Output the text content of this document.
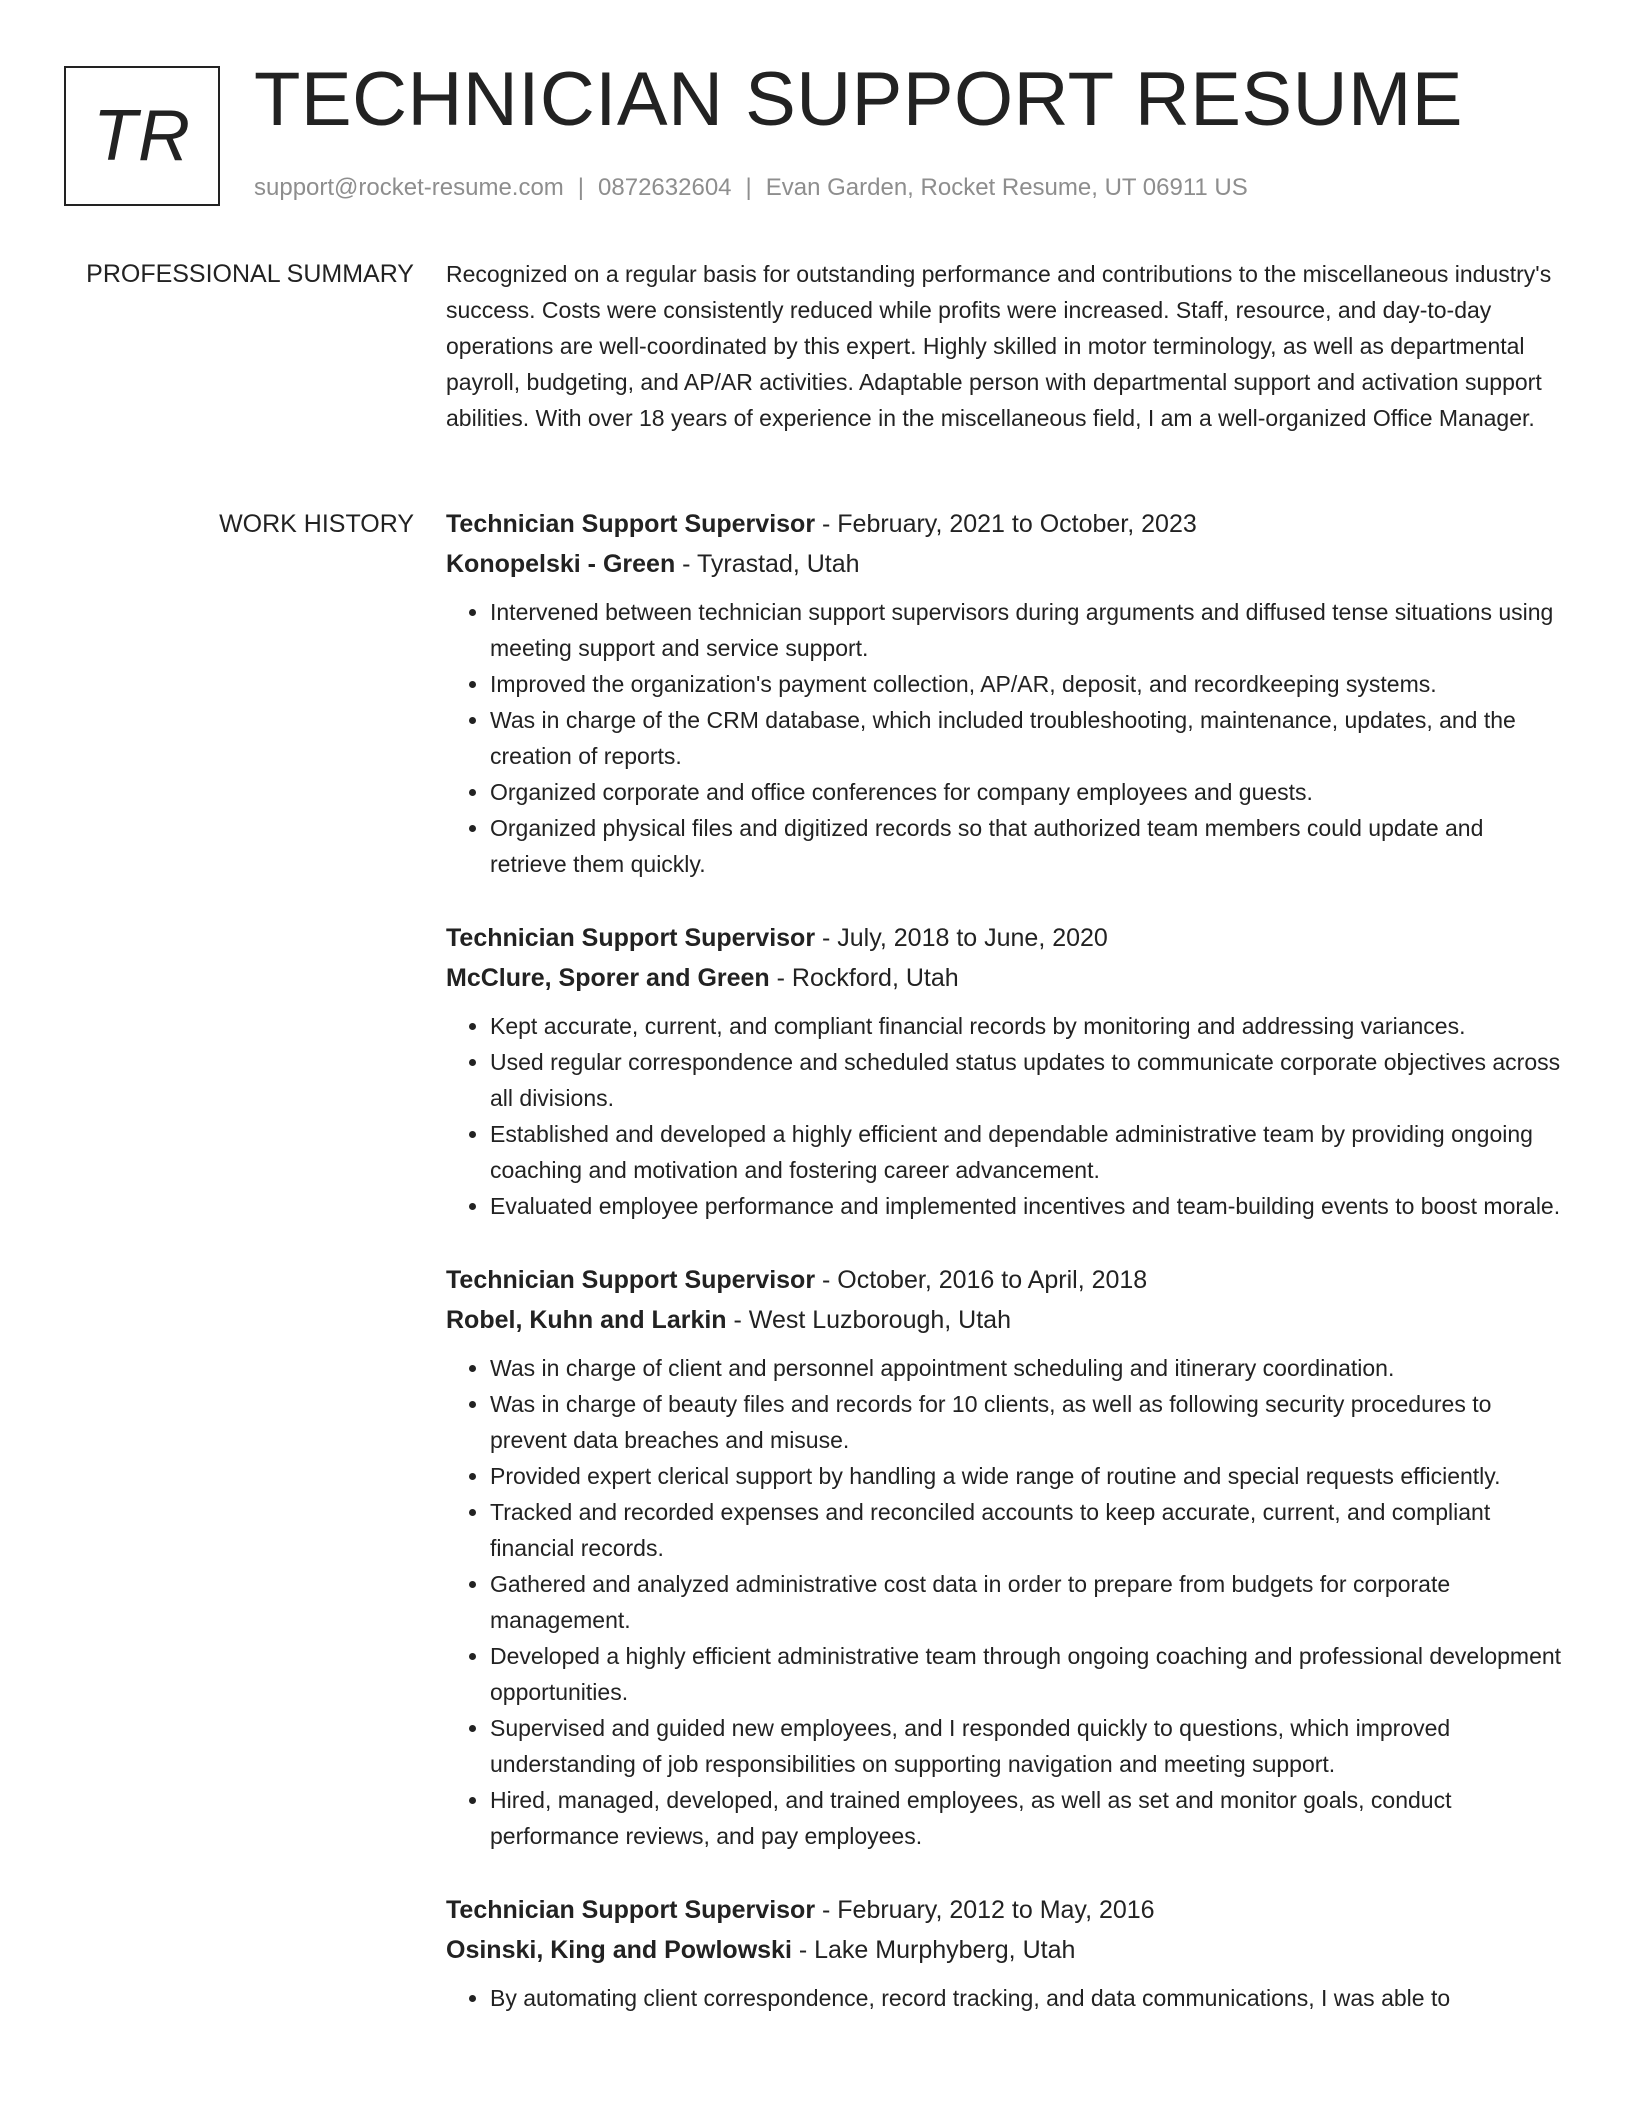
TR TECHNICIAN SUPPORT RESUME
support@rocket-resume.com | 0872632604 | Evan Garden, Rocket Resume, UT 06911 US
PROFESSIONAL SUMMARY Recognized on a regular basis for outstanding performance and contributions to the miscellaneous industry's success. Costs were consistently reduced while profits were increased. Staff, resource, and day-to-day operations are well-coordinated by this expert. Highly skilled in motor terminology, as well as departmental payroll, budgeting, and AP/AR activities. Adaptable person with departmental support and activation support abilities. With over 18 years of experience in the miscellaneous field, I am a well-organized Office Manager.

WORK HISTORY Technician Support Supervisor - February, 2021 to October, 2023
Konopelski - Green - Tyrastad, Utah
• Intervened between technician support supervisors during arguments and diffused tense situations using meeting support and service support.
• Improved the organization's payment collection, AP/AR, deposit, and recordkeeping systems.
• Was in charge of the CRM database, which included troubleshooting, maintenance, updates, and the creation of reports.
• Organized corporate and office conferences for company employees and guests.
• Organized physical files and digitized records so that authorized team members could update and retrieve them quickly.
Technician Support Supervisor - July, 2018 to June, 2020
McClure, Sporer and Green - Rockford, Utah
• Kept accurate, current, and compliant financial records by monitoring and addressing variances.
• Used regular correspondence and scheduled status updates to communicate corporate objectives across all divisions.
• Established and developed a highly efficient and dependable administrative team by providing ongoing coaching and motivation and fostering career advancement.
• Evaluated employee performance and implemented incentives and team-building events to boost morale.
Technician Support Supervisor - October, 2016 to April, 2018
Robel, Kuhn and Larkin - West Luzborough, Utah
• Was in charge of client and personnel appointment scheduling and itinerary coordination.
• Was in charge of beauty files and records for 10 clients, as well as following security procedures to prevent data breaches and misuse.
• Provided expert clerical support by handling a wide range of routine and special requests efficiently.
• Tracked and recorded expenses and reconciled accounts to keep accurate, current, and compliant financial records.
• Gathered and analyzed administrative cost data in order to prepare from budgets for corporate management.
• Developed a highly efficient administrative team through ongoing coaching and professional development opportunities.
• Supervised and guided new employees, and I responded quickly to questions, which improved understanding of job responsibilities on supporting navigation and meeting support.
• Hired, managed, developed, and trained employees, as well as set and monitor goals, conduct performance reviews, and pay employees.
Technician Support Supervisor - February, 2012 to May, 2016
Osinski, King and Powlowski - Lake Murphyberg, Utah
• By automating client correspondence, record tracking, and data communications, I was able to
